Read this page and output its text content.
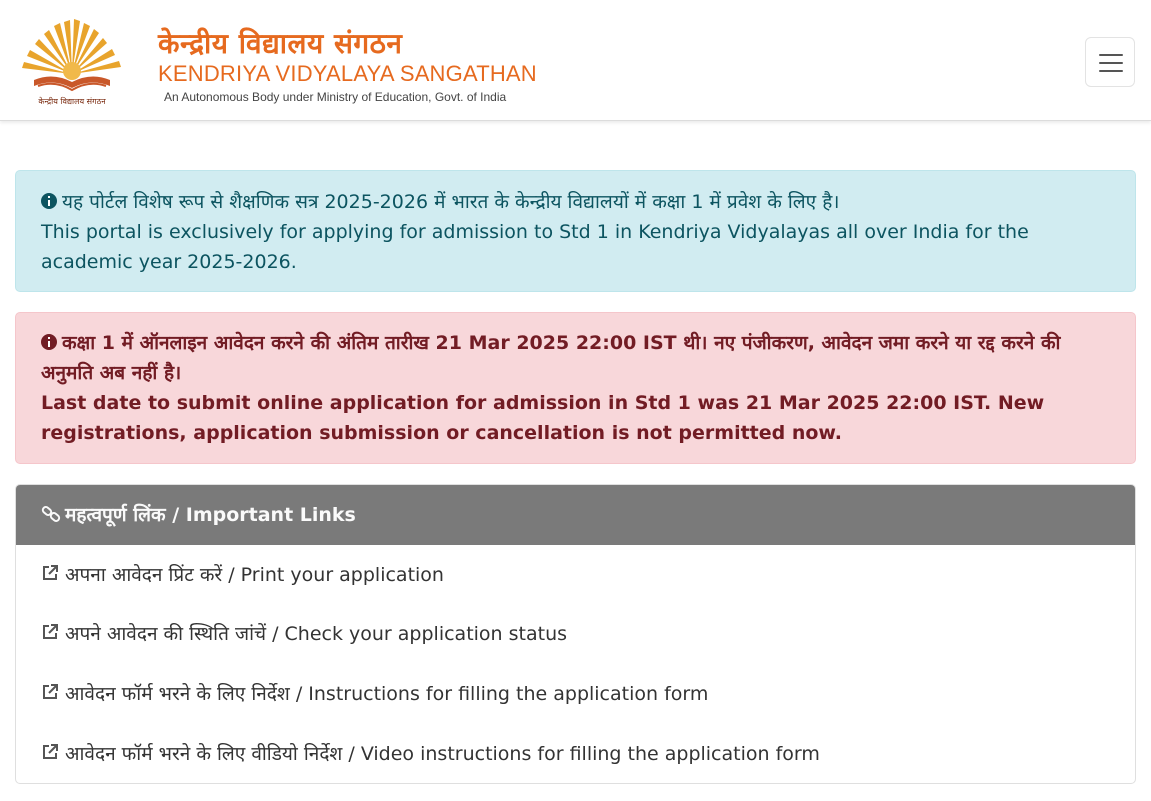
केन्द्रीय विद्यालय संगठन
केन्द्रीय विद्यालय संगठन
KENDRIYA VIDYALAYA SANGATHAN
An Autonomous Body under Ministry of Education, Govt. of India
यह पोर्टल विशेष रूप से शैक्षणिक सत्र 2025-2026 में भारत के केन्द्रीय विद्यालयों में कक्षा 1 में प्रवेश के लिए है।
This portal is exclusively for applying for admission to Std 1 in Kendriya Vidyalayas all over India for the academic year 2025-2026.
कक्षा 1 में ऑनलाइन आवेदन करने की अंतिम तारीख 21 Mar 2025 22:00 IST थी। नए पंजीकरण, आवेदन जमा करने या रद्द करने की अनुमति अब नहीं है।
Last date to submit online application for admission in Std 1 was 21 Mar 2025 22:00 IST. New registrations, application submission or cancellation is not permitted now.
महत्वपूर्ण लिंक / Important Links
अपना आवेदन प्रिंट करें / Print your application
अपने आवेदन की स्थिति जांचें / Check your application status
आवेदन फॉर्म भरने के लिए निर्देश / Instructions for filling the application form
आवेदन फॉर्म भरने के लिए वीडियो निर्देश / Video instructions for filling the application form
